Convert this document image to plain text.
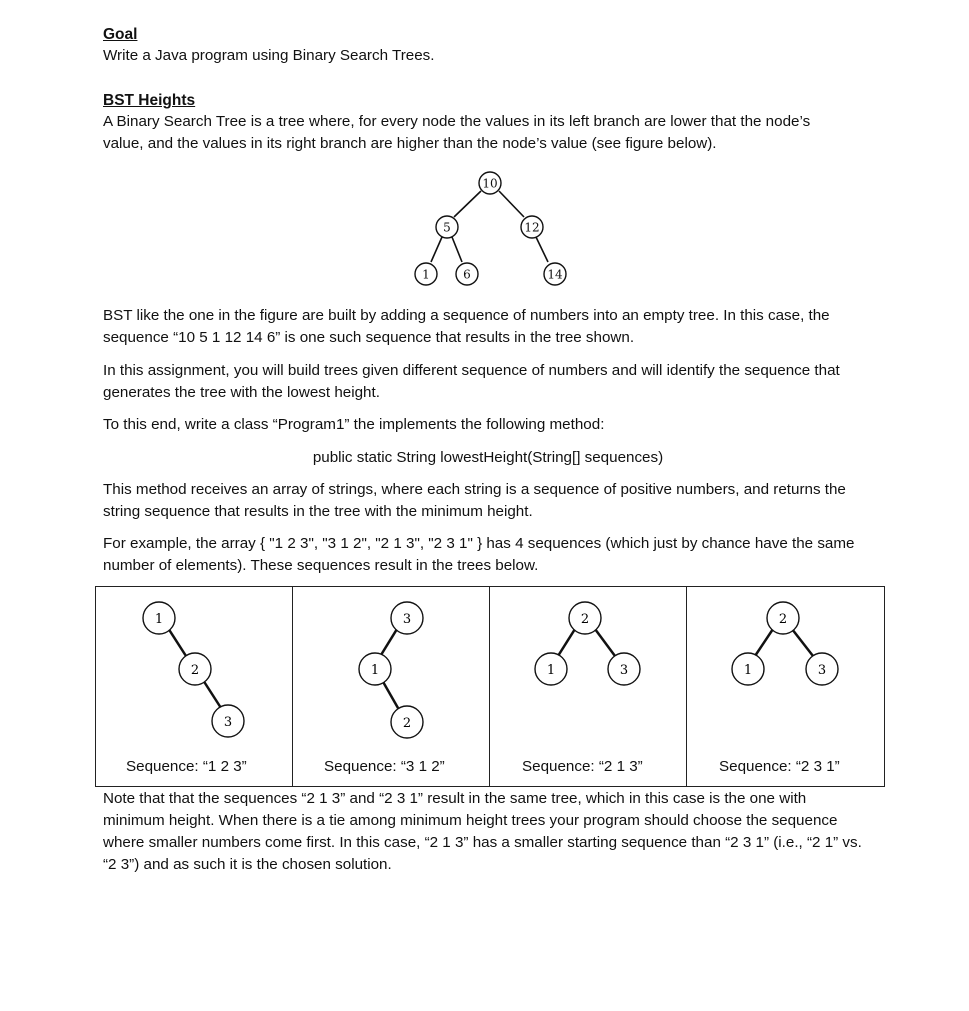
Goal

Write a Java program using Binary Search Trees.

BST Heights

A Binary Search Tree is a tree where, for every node the values in its left branch are lower that the node’s value, and the values in its right branch are higher than the node’s value (see figure below).

10
5	12
1	6	14

BST like the one in the figure are built by adding a sequence of numbers into an empty tree. In this case, the sequence “10 5 1 12 14 6” is one such sequence that results in the tree shown.

In this assignment, you will build trees given different sequence of numbers and will identify the sequence that generates the tree with the lowest height.

To this end, write a class “Program1” the implements the following method:

public static String lowestHeight(String[] sequences)

This method receives an array of strings, where each string is a sequence of positive numbers, and returns the string sequence that results in the tree with the minimum height.

For example, the array { "1 2 3", "3 1 2", "2 1 3", "2 3 1" } has 4 sequences (which just by chance have the same number of elements). These sequences result in the trees below.

1
2
3
3
1
2
2
1	3
2
1	3

Sequence: “1 2 3”	Sequence: “3 1 2”	Sequence: “2 1 3”	Sequence: “2 3 1”

Note that that the sequences “2 1 3” and “2 3 1” result in the same tree, which in this case is the one with minimum height. When there is a tie among minimum height trees your program should choose the sequence where smaller numbers come first. In this case, “2 1 3” has a smaller starting sequence than “2 3 1” (i.e., “2 1” vs. “2 3”) and as such it is the chosen solution.
